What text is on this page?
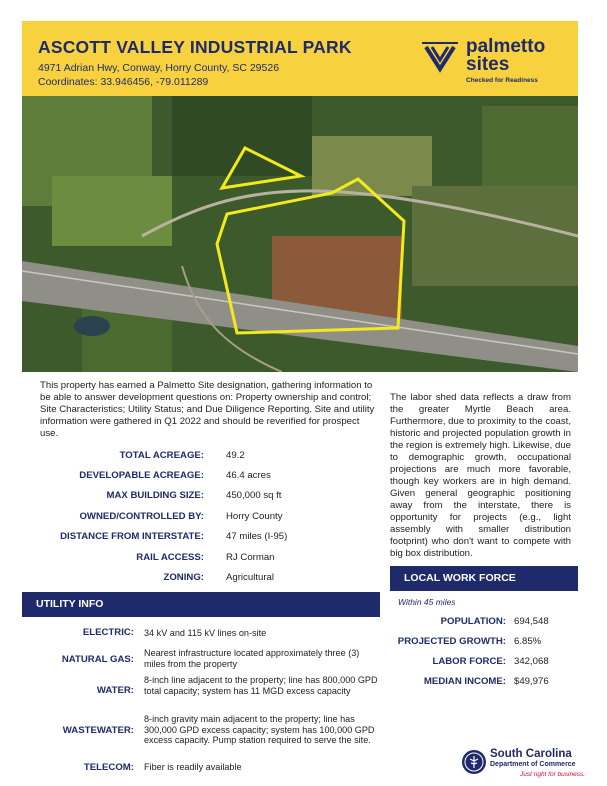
ASCOTT VALLEY INDUSTRIAL PARK
4971 Adrian Hwy, Conway, Horry County, SC 29526
Coordinates: 33.946456, -79.011289
palmetto
sites
Checked for Readiness
This property has earned a Palmetto Site designation, gathering information to be able to answer development questions on: Property ownership and control; Site Characteristics; Utility Status; and Due Diligence Reporting. Site and utility information were gathered in Q1 2022 and should be reverified for prospect use.
TOTAL ACREAGE: 49.2
DEVELOPABLE ACREAGE: 46.4 acres
MAX BUILDING SIZE: 450,000 sq ft
OWNED/CONTROLLED BY: Horry County
DISTANCE FROM INTERSTATE: 47 miles (I-95)
RAIL ACCESS: RJ Corman
ZONING: Agricultural
UTILITY INFO
ELECTRIC: 34 kV and 115 kV lines on-site
NATURAL GAS:
Nearest infrastructure located approximately three (3) miles from the property
WATER:
8-inch line adjacent to the property; line has 800,000 GPD total capacity; system has 11 MGD excess capacity
WASTEWATER:
8-inch gravity main adjacent to the property; line has 300,000 GPD excess capacity; system has 100,000 GPD excess capacity. Pump station required to serve the site.
TELECOM: Fiber is readily available
The labor shed data reflects a draw from the greater Myrtle Beach area. Furthermore, due to proximity to the coast, historic and projected population growth in the region is extremely high. Likewise, due to demographic growth, occupational projections are much more favorable, though key workers are in high demand. Given general geographic positioning away from the interstate, there is opportunity for projects (e.g., light assembly with smaller distribution footprint) who don't want to compete with big box distribution.
LOCAL WORK FORCE
Within 45 miles
POPULATION: 694,548
PROJECTED GROWTH: 6.85%
LABOR FORCE: 342,068
MEDIAN INCOME: $49,976
South Carolina
Department of Commerce
Just right for business.
